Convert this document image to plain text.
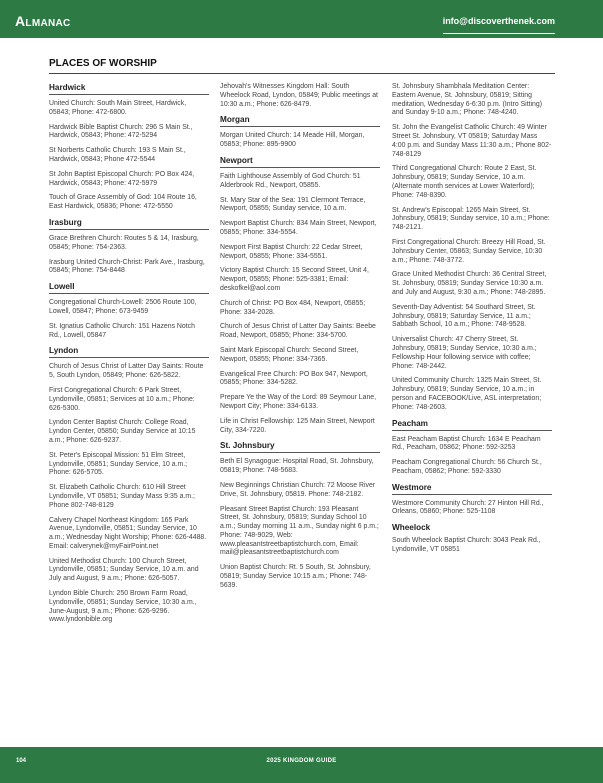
Almanac	info@discoverthenek.com
PLACES OF WORSHIP
Hardwick
United Church: South Main Street, Hardwick, 05843; Phone: 472-6800.
Hardwick Bible Baptist Church: 296 S Main St., Hardwick, 05843; Phone: 472-5294
St Norberts Catholic Church: 193 S Main St., Hardwick, 05843; Phone 472-5544
St John Baptist Episcopal Church: PO Box 424, Hardwick, 05843; Phone: 472-5979
Touch of Grace Assembly of God: 104 Route 16, East Hardwick, 05836; Phone: 472-5550
Irasburg
Grace Brethren Church: Routes 5 & 14, Irasburg, 05845; Phone: 754-2363.
Irasburg United Church-Christ: Park Ave., Irasburg, 05845; Phone: 754-8448
Lowell
Congregational Church-Lowell: 2506 Route 100, Lowell, 05847; Phone: 673-9459
St. Ignatius Catholic Church: 151 Hazens Notch Rd., Lowell, 05847
Lyndon
Church of Jesus Christ of Latter Day Saints: Route 5, South Lyndon, 05849; Phone: 626-5822.
First Congregational Church: 6 Park Street, Lyndonville, 05851; Services at 10 a.m.; Phone: 626-5300.
Lyndon Center Baptist Church: College Road, Lyndon Center, 05850; Sunday Service at 10:15 a.m.; Phone: 626-9237.
St. Peter's Episcopal Mission: 51 Elm Street, Lyndonville, 05851; Sunday Service, 10 a.m.; Phone: 626-5705.
St. Elizabeth Catholic Church: 610 Hill Street Lyndonville, VT 05851; Sunday Mass 9:35 a.m.; Phone 802-748-8129
Calvery Chapel Northeast Kingdom: 165 Park Avenue, Lyndonville, 05851; Sunday Service, 10 a.m.; Wednesday Night Worship; Phone: 626-4488. Email: calverynek@myFairPoint.net
United Methodist Church: 100 Church Street, Lyndonville, 05851; Sunday Service, 10 a.m. and July and August, 9 a.m.; Phone: 626-5057.
Lyndon Bible Church: 250 Brown Farm Road, Lyndonville, 05851; Sunday Service, 10:30 a.m., June-August, 9 a.m.; Phone: 626-9296. www.lyndonbible.org
Jehovah's Witnesses Kingdom Hall: South Wheelock Road, Lyndon, 05849; Public meetings at 10:30 a.m.; Phone: 626-8479.
Morgan
Morgan United Church: 14 Meade Hill, Morgan, 05853; Phone: 895-9900
Newport
Faith Lighthouse Assembly of God Church: 51 Alderbrook Rd., Newport, 05855.
St. Mary Star of the Sea: 191 Clermont Terrace, Newport, 05855; Sunday service, 10 a.m.
Newport Baptist Church: 834 Main Street, Newport, 05855; Phone: 334-5554.
Newport First Baptist Church: 22 Cedar Street, Newport, 05855; Phone: 334-5551.
Victory Baptist Church: 15 Second Street, Unit 4, Newport, 05855; Phone: 525-3381; Email: deskofkel@aol.com
Church of Christ: PO Box 484, Newport, 05855; Phone: 334-2028.
Church of Jesus Christ of Latter Day Saints: Beebe Road, Newport, 05855; Phone: 334-5700.
Saint Mark Episcopal Church: Second Street, Newport, 05855; Phone: 334-7365.
Evangelical Free Church: PO Box 947, Newport, 05855; Phone: 334-5282.
Prepare Ye the Way of the Lord: 89 Seymour Lane, Newport City; Phone: 334-6133.
Life in Christ Fellowship: 125 Main Street, Newport City, 334-7220.
St. Johnsbury
Beth El Synagogue: Hospital Road, St. Johnsbury, 05819; Phone: 748-5683.
New Beginnings Christian Church: 72 Moose River Drive, St. Johnsbury, 05819. Phone: 748-2182.
Pleasant Street Baptist Church: 193 Pleasant Street, St. Johnsbury, 05819; Sunday School 10 a.m.; Sunday morning 11 a.m., Sunday night 6 p.m.; Phone: 748-9029, Web: www.pleasantstreetbaptistchurch.com, Email: mail@pleasantstreetbaptistchurch.com
Union Baptist Church: Rt. 5 South, St. Johnsbury, 05819; Sunday Service 10:15 a.m.; Phone: 748-5639.
St. Johnsbury Shambhala Meditation Center: Eastern Avenue, St. Johnsbury, 05819; Sitting meditation, Wednesday 6-6:30 p.m. (Intro Sitting) and Sunday 9-10 a.m.; Phone: 748-4240.
St. John the Evangelist Catholic Church: 49 Winter Street St. Johnsbury, VT 05819; Saturday Mass 4:00 p.m. and Sunday Mass 11:30 a.m.; Phone 802-748-8129
Third Congregational Church: Route 2 East, St. Johnsbury, 05819; Sunday Service, 10 a.m. (Alternate month services at Lower Waterford); Phone: 748-8390.
St. Andrew's Episcopal: 1265 Main Street, St. Johnsbury, 05819; Sunday service, 10 a.m.; Phone: 748-2121.
First Congregational Church: Breezy Hill Road, St. Johnsbury Center, 05863; Sunday Service, 10:30 a.m.; Phone: 748-3772.
Grace United Methodist Church: 36 Central Street, St. Johnsbury, 05819; Sunday Service 10:30 a.m. and July and August, 9:30 a.m.; Phone: 748-2895.
Seventh-Day Adventist: 54 Southard Street, St. Johnsbury, 05819; Saturday Service, 11 a.m.; Sabbath School, 10 a.m.; Phone: 748-9528.
Universalist Church: 47 Cherry Street, St. Johnsbury, 05819; Sunday Service, 10:30 a.m.; Fellowship Hour following service with coffee; Phone: 748-2442.
United Community Church: 1325 Main Street, St. Johnsbury, 05819; Sunday Service, 10 a.m.; in person and FACEBOOK/Live, ASL interpretation; Phone: 748-2603.
Peacham
East Peacham Baptist Church: 1634 E Peacham Rd., Peacham, 05862; Phone: 592-3253
Peacham Congregational Church: 56 Church St., Peacham, 05862; Phone: 592-3330
Westmore
Westmore Community Church: 27 Hinton Hill Rd., Orleans, 05860; Phone: 525-1108
Wheelock
South Wheelock Baptist Church: 3043 Peak Rd., Lyndonville, VT 05851
104	2025 KINGDOM GUIDE
